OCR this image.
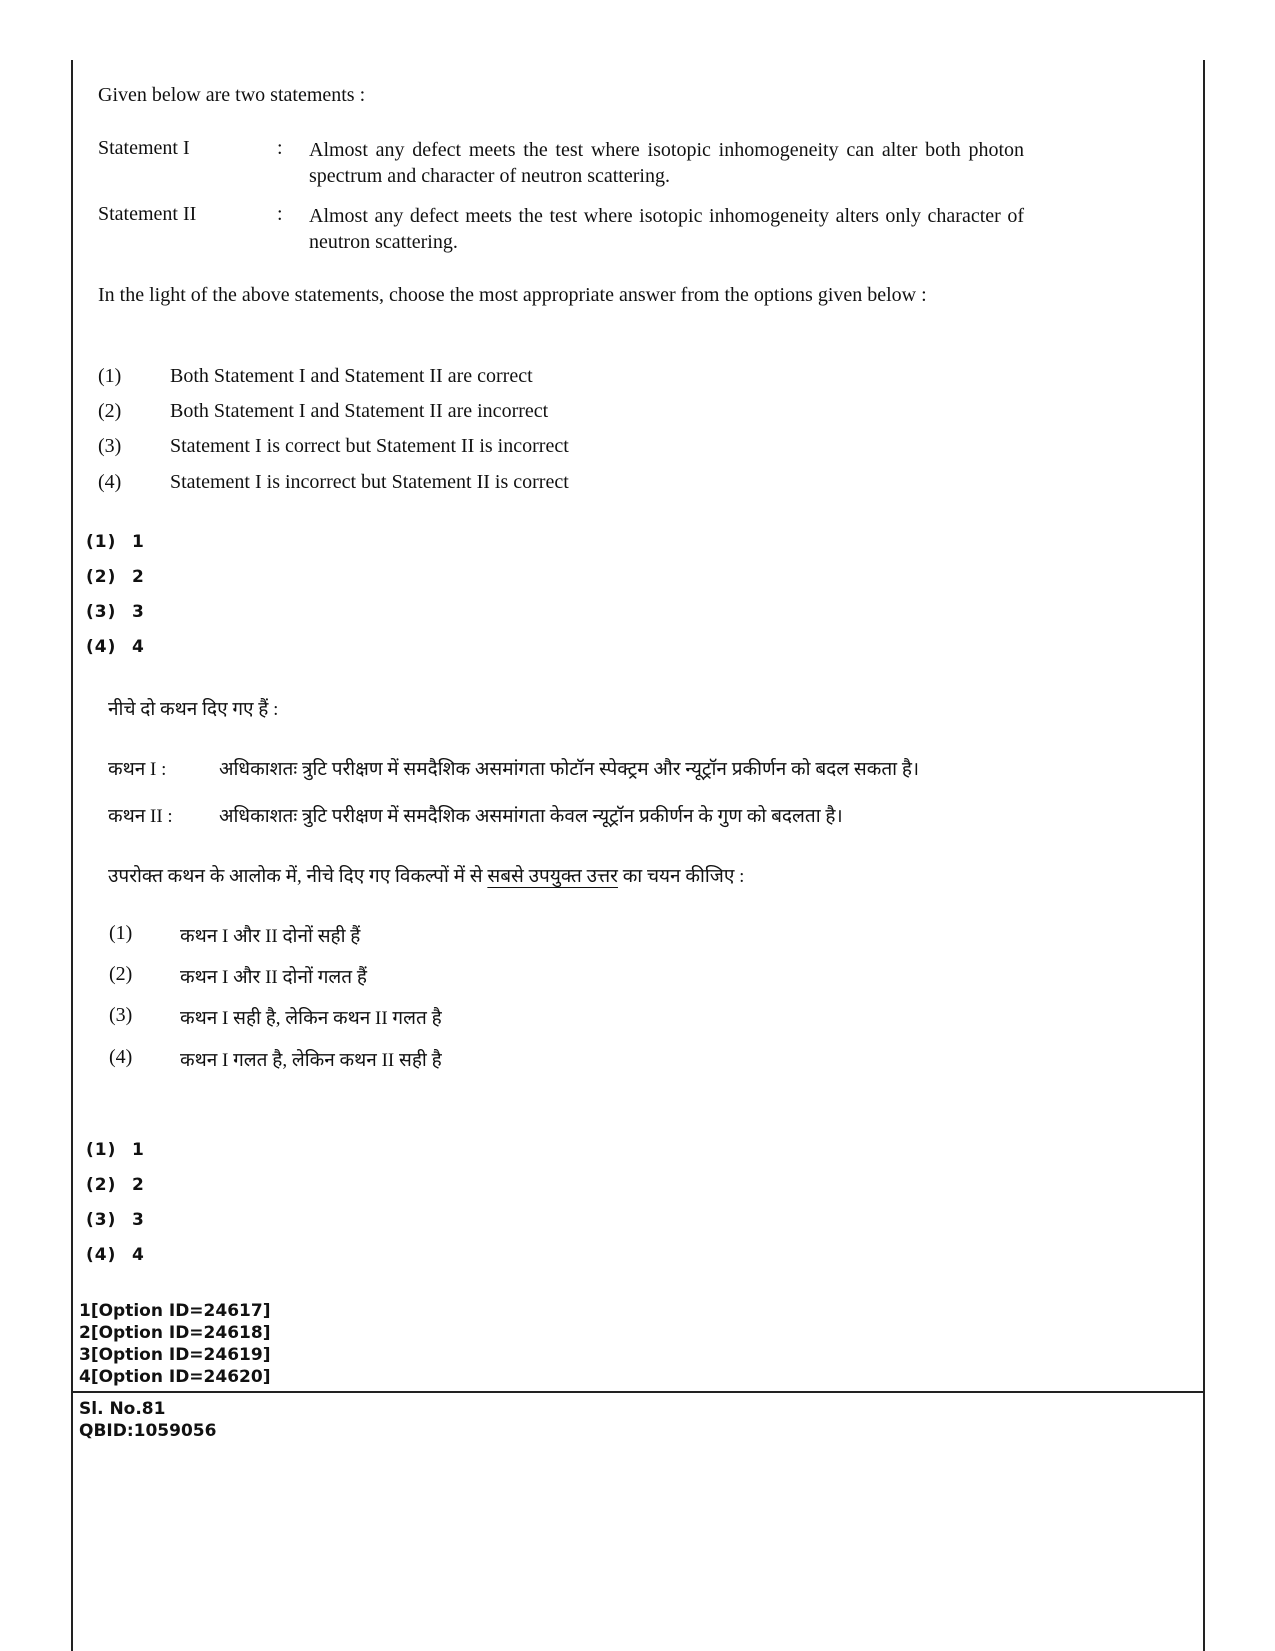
Given below are two statements :
Statement I	: Almost any defect meets the test where isotopic inhomogeneity can alter both photon spectrum and character of neutron scattering.
Statement II	: Almost any defect meets the test where isotopic inhomogeneity alters only character of neutron scattering.
In the light of the above statements, choose the most appropriate answer from the options given below :
(1) Both Statement I and Statement II are correct
(2) Both Statement I and Statement II are incorrect
(3) Statement I is correct but Statement II is incorrect
(4) Statement I is incorrect but Statement II is correct
(1) 1
(2) 2
(3) 3
(4) 4
नीचे दो कथन दिए गए हैं :
कथन I :	अधिकाशतः त्रुटि परीक्षण में समदैशिक असमांगता फोटॉन स्पेक्ट्रम और न्यूट्रॉन प्रकीर्णन को बदल सकता है।
कथन II : अधिकाशतः त्रुटि परीक्षण में समदैशिक असमांगता केवल न्यूट्रॉन प्रकीर्णन के गुण को बदलता है।
उपरोक्त कथन के आलोक में, नीचे दिए गए विकल्पों में से सबसे उपयुक्त उत्तर का चयन कीजिए :
(1)	कथन I और II दोनों सही हैं
(2)	कथन I और II दोनों गलत हैं
(3)	कथन I सही है, लेकिन कथन II गलत है
(4)	कथन I गलत है, लेकिन कथन II सही है
(1) 1
(2) 2
(3) 3
(4) 4
1[Option ID=24617]
2[Option ID=24618]
3[Option ID=24619]
4[Option ID=24620]
Sl. No.81
QBID:1059056
